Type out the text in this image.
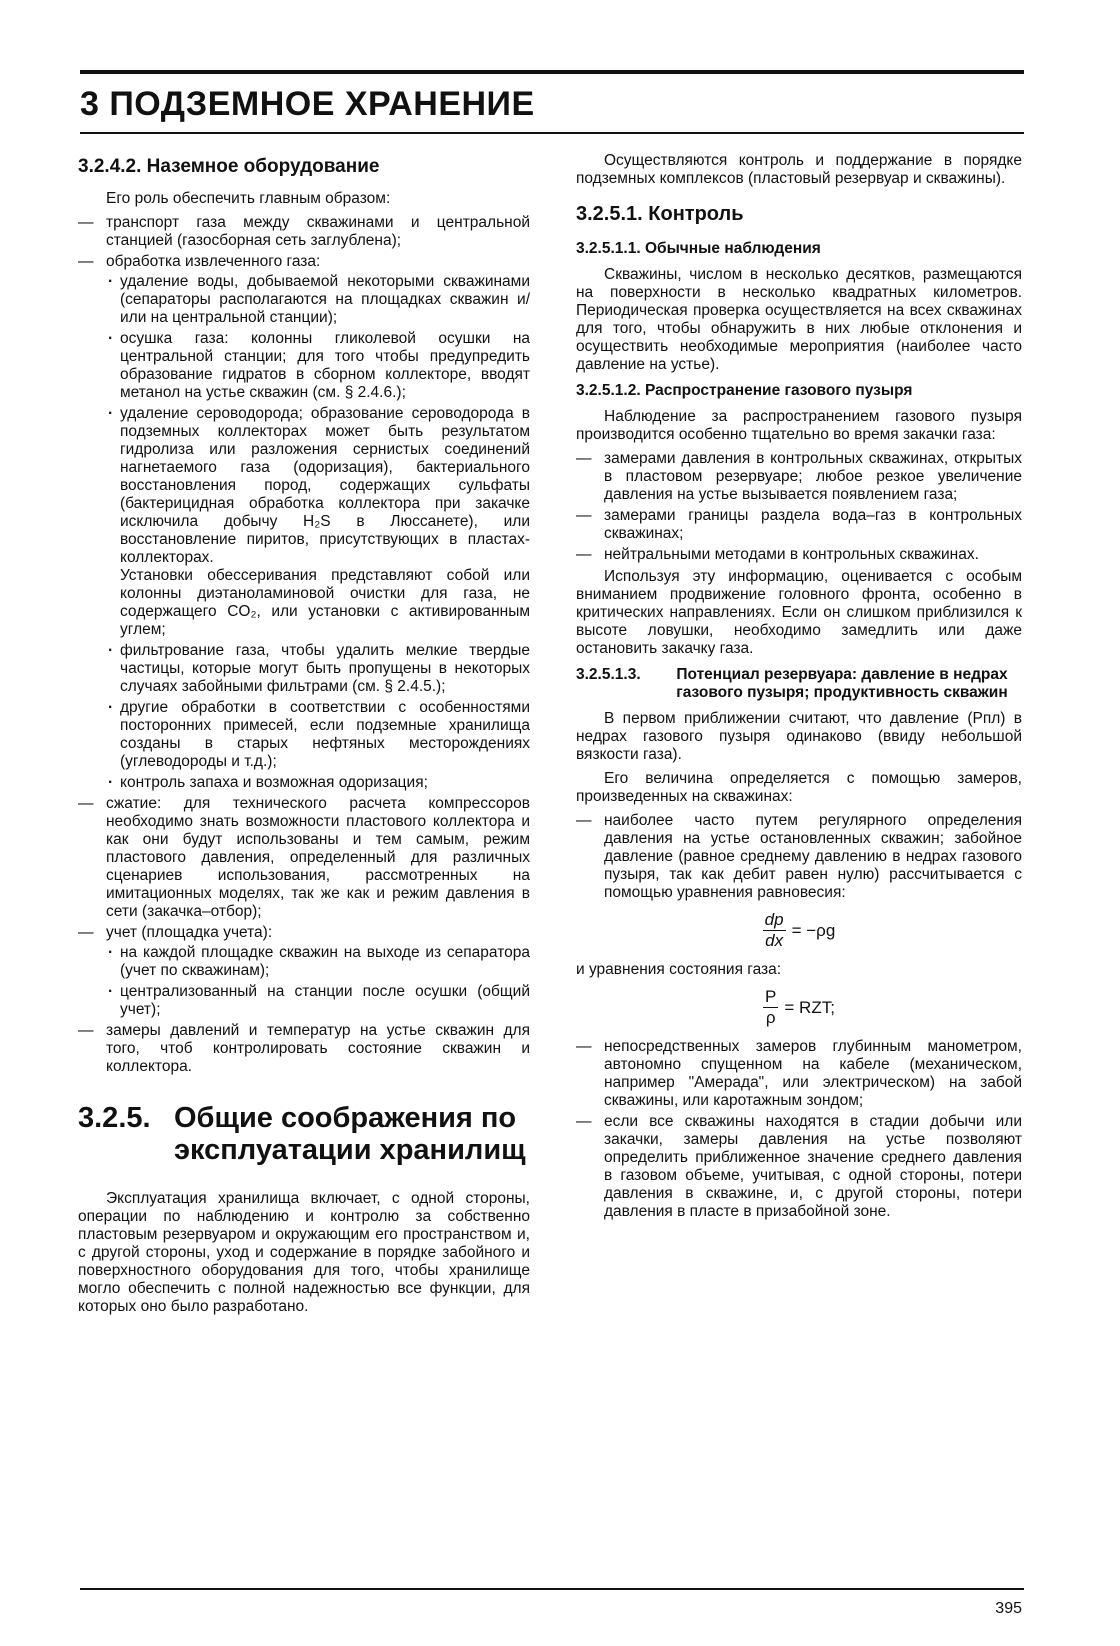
3 ПОДЗЕМНОЕ ХРАНЕНИЕ
3.2.4.2. Наземное оборудование

Его роль обеспечить главным образом:

— транспорт газа между скважинами и центральной станцией (газосборная сеть заглублена);
— обработка извлеченного газа:
· удаление воды, добываемой некоторыми скважинами (сепараторы располагаются на площадках скважин и/или на центральной станции);
· осушка газа: колонны гликолевой осушки на центральной станции; для того чтобы предупредить образование гидратов в сборном коллекторе, вводят метанол на устье скважин (см. § 2.4.6.);

· удаление сероводорода; образование сероводорода в подземных коллекторах может быть результатом гидролиза или разложения сернистых соединений нагнетаемого газа (одоризация), бактериального восстановления пород, содержащих сульфаты (бактерицидная обработка коллектора при закачке исключила добычу H₂S в Люссанете), или восстановление пиритов, присутствующих в пластах-коллекторах.

Установки обессеривания представляют собой или колонны диэтаноламиновой очистки для газа, не содержащего CO₂, или установки с активированным углем;

· фильтрование газа, чтобы удалить мелкие твердые частицы, которые могут быть пропущены в некоторых случаях забойными фильтрами (см. § 2.4.5.);
· другие обработки в соответствии с особенностями посторонних примесей, если подземные хранилища созданы в старых нефтяных месторождениях (углеводороды и т.д.);
· контроль запаха и возможная одоризация;
— сжатие: для технического расчета компрессоров необходимо знать возможности пластового коллектора и как они будут использованы и тем самым, режим пластового давления, определенный для различных сценариев использования, рассмотренных на имитационных моделях, так же как и режим давления в сети (закачка–отбор);
— учет (площадка учета):
· на каждой площадке скважин на выходе из сепаратора (учет по скважинам);
· централизованный на станции после осушки (общий учет);
— замеры давлений и температур на устье скважин для того, чтоб контролировать состояние скважин и коллектора.
3.2.5. Общие соображения по эксплуатации хранилищ

Эксплуатация хранилища включает, с одной стороны, операции по наблюдению и контролю за собственно пластовым резервуаром и окружающим его пространством и, с другой стороны, уход и содержание в порядке забойного и поверхностного оборудования для того, чтобы хранилище могло обеспечить с полной надежностью все функции, для которых оно было разработано.

Осуществляются контроль и поддержание в порядке подземных комплексов (пластовый резервуар и скважины).

3.2.5.1. Контроль
3.2.5.1.1. Обычные наблюдения

Скважины, числом в несколько десятков, размещаются на поверхности в несколько квадратных километров. Периодическая проверка осуществляется на всех скважинах для того, чтобы обнаружить в них любые отклонения и осуществить необходимые мероприятия (наиболее часто давление на устье).

3.2.5.1.2. Распространение газового пузыря

Наблюдение за распространением газового пузыря производится особенно тщательно во время закачки газа:

— замерами давления в контрольных скважинах, открытых в пластовом резервуаре; любое резкое увеличение давления на устье вызывается появлением газа;
— замерами границы раздела вода–газ в контрольных скважинах;
— нейтральными методами в контрольных скважинах.

Используя эту информацию, оценивается с особым вниманием продвижение головного фронта, особенно в критических направлениях. Если он слишком приблизился к высоте ловушки, необходимо замедлить или даже остановить закачку газа.

3.2.5.1.3.	Потенциал резервуара: давление в недрах газового пузыря; продуктивность скважин

В первом приближении считают, что давление (Pпл) в недрах газового пузыря одинаково (ввиду небольшой вязкости газа).

Его величина определяется с помощью замеров, произведенных на скважинах:

— наиболее часто путем регулярного определения давления на устье остановленных скважин; забойное давление (равное среднему давлению в недрах газового пузыря, так как дебит равен нулю) рассчитывается с помощью уравнения равновесия:
$\frac{dp}{dx} = -\rho g$

и уравнения состояния газа:

$\frac{P}{\rho}$ = RZT;
— непосредственных замеров глубинным манометром, автономно спущенном на кабеле (механическом, например "Амерада", или электрическом) на забой скважины, или каротажным зондом;
— если все скважины находятся в стадии добычи или закачки, замеры давления на устье позволяют определить приближенное значение среднего давления в газовом объеме, учитывая, с одной стороны, потери давления в скважине, и, с другой стороны, потери давления в пласте в призабойной зоне.
395
